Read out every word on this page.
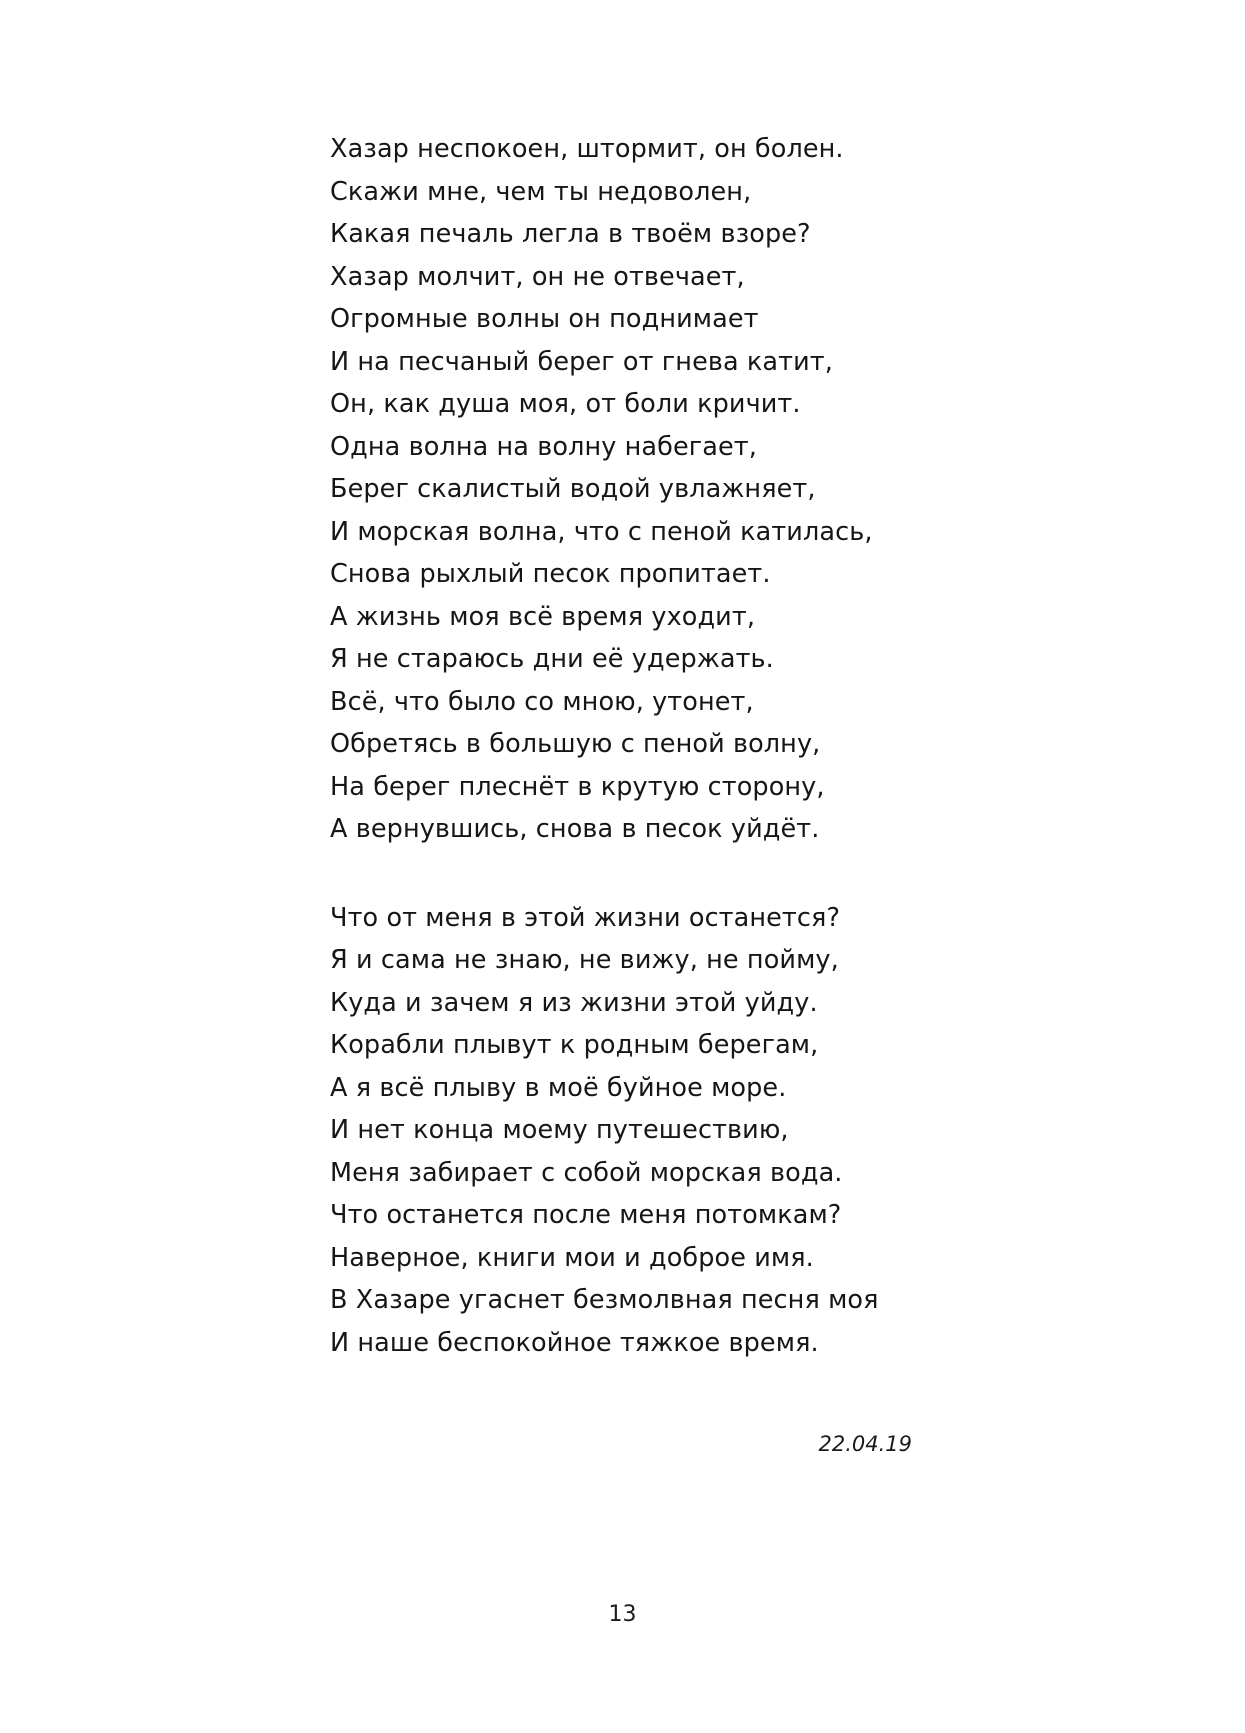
Хазар неспокоен, штормит, он болен.
Скажи мне, чем ты недоволен,
Какая печаль легла в твоём взоре?
Хазар молчит, он не отвечает,
Огромные волны он поднимает
И на песчаный берег от гнева катит,
Он, как душа моя, от боли кричит.
Одна волна на волну набегает,
Берег скалистый водой увлажняет,
И морская волна, что с пеной катилась,
Снова рыхлый песок пропитает.
А жизнь моя всё время уходит,
Я не стараюсь дни её удержать.
Всё, что было со мною, утонет,
Обретясь в большую с пеной волну,
На берег плеснёт в крутую сторону,
А вернувшись, снова в песок уйдёт.
Что от меня в этой жизни останется?
Я и сама не знаю, не вижу, не пойму,
Куда и зачем я из жизни этой уйду.
Корабли плывут к родным берегам,
А я всё плыву в моё буйное море.
И нет конца моему путешествию,
Меня забирает с собой морская вода.
Что останется после меня потомкам?
Наверное, книги мои и доброе имя.
В Хазаре угаснет безмолвная песня моя
И наше беспокойное тяжкое время.
22.04.19
13
